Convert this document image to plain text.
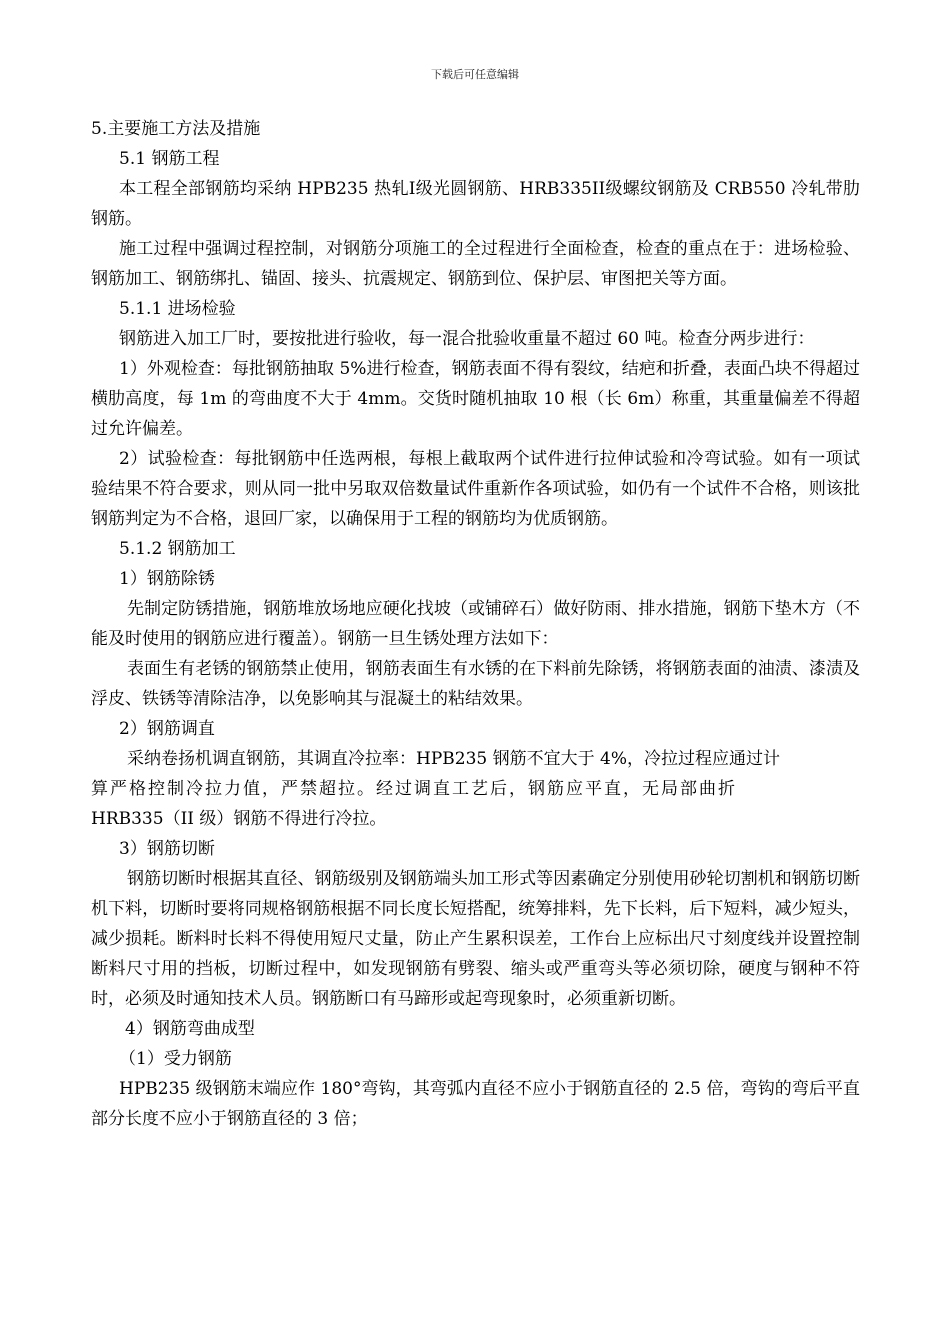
下载后可任意编辑

5.主要施工方法及措施

5.1 钢筋工程

本工程全部钢筋均采纳 HPB235 热轧I级光圆钢筋、HRB335II级螺纹钢筋及 CRB550 冷轧带肋钢筋。

施工过程中强调过程控制，对钢筋分项施工的全过程进行全面检查，检查的重点在于：进场检验、钢筋加工、钢筋绑扎、锚固、接头、抗震规定、钢筋到位、保护层、审图把关等方面。

5.1.1 进场检验

钢筋进入加工厂时，要按批进行验收，每一混合批验收重量不超过 60 吨。检查分两步进行：

1）外观检查：每批钢筋抽取 5%进行检查，钢筋表面不得有裂纹，结疤和折叠，表面凸块不得超过横肋高度，每 1m 的弯曲度不大于 4mm。交货时随机抽取 10 根（长 6m）称重，其重量偏差不得超过允许偏差。

2）试验检查：每批钢筋中任选两根，每根上截取两个试件进行拉伸试验和冷弯试验。如有一项试验结果不符合要求，则从同一批中另取双倍数量试件重新作各项试验，如仍有一个试件不合格，则该批钢筋判定为不合格，退回厂家，以确保用于工程的钢筋均为优质钢筋。

5.1.2 钢筋加工

1）钢筋除锈

先制定防锈措施，钢筋堆放场地应硬化找坡（或铺碎石）做好防雨、排水措施，钢筋下垫木方（不能及时使用的钢筋应进行覆盖）。钢筋一旦生锈处理方法如下：

表面生有老锈的钢筋禁止使用，钢筋表面生有水锈的在下料前先除锈，将钢筋表面的油渍、漆渍及浮皮、铁锈等清除洁净，以免影响其与混凝土的粘结效果。

2）钢筋调直

采纳卷扬机调直钢筋，其调直冷拉率：HPB235 钢筋不宜大于 4%，冷拉过程应通过计

算严格控制冷拉力值，严禁超拉。经过调直工艺后，钢筋应平直，无局部曲折

HRB335（II 级）钢筋不得进行冷拉。

3）钢筋切断

钢筋切断时根据其直径、钢筋级别及钢筋端头加工形式等因素确定分别使用砂轮切割机和钢筋切断机下料，切断时要将同规格钢筋根据不同长度长短搭配，统筹排料，先下长料，后下短料，减少短头，减少损耗。断料时长料不得使用短尺丈量，防止产生累积误差，工作台上应标出尺寸刻度线并设置控制断料尺寸用的挡板，切断过程中，如发现钢筋有劈裂、缩头或严重弯头等必须切除，硬度与钢种不符时，必须及时通知技术人员。钢筋断口有马蹄形或起弯现象时，必须重新切断。

4）钢筋弯曲成型

（1）受力钢筋

HPB235 级钢筋末端应作 180°弯钩，其弯弧内直径不应小于钢筋直径的 2.5 倍，弯钩的弯后平直部分长度不应小于钢筋直径的 3 倍；
